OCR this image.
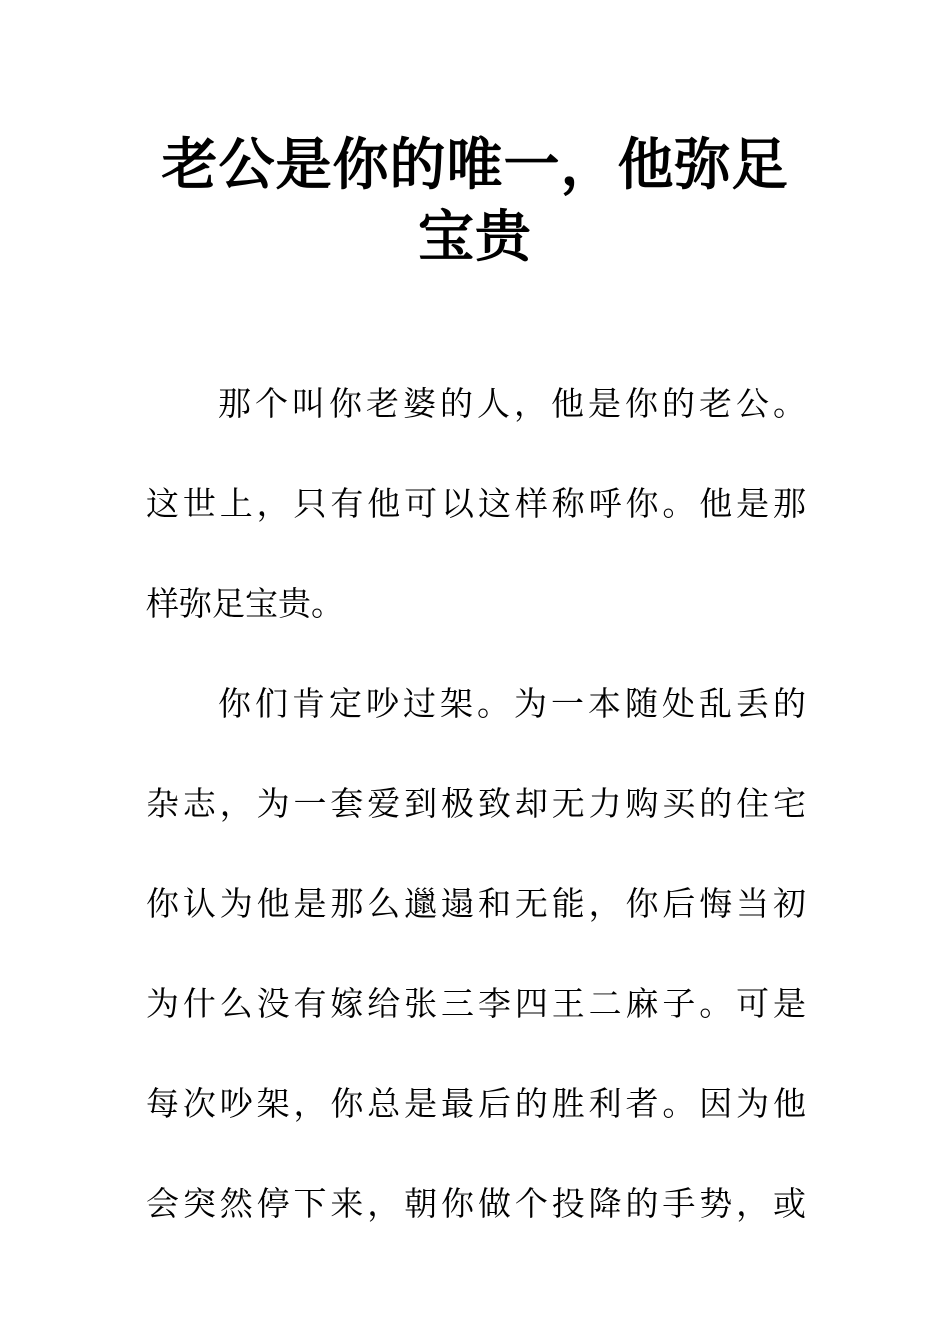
老公是你的唯一，他弥足
宝贵

那个叫你老婆的人，他是你的老公。

这世上，只有他可以这样称呼你。他是那

样弥足宝贵。

你们肯定吵过架。为一本随处乱丢的

杂志，为一套爱到极致却无力购买的住宅

你认为他是那么邋遢和无能，你后悔当初

为什么没有嫁给张三李四王二麻子。可是

每次吵架，你总是最后的胜利者。因为他

会突然停下来，朝你做个投降的手势，或
